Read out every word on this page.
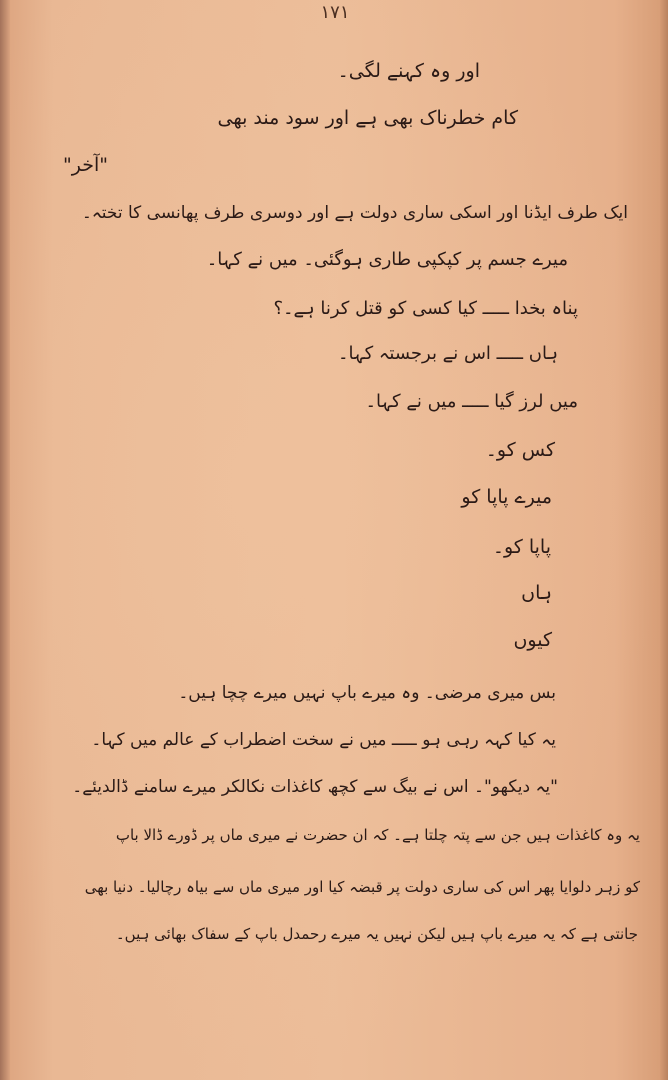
۱۷۱
اور وہ کہنے لگی۔
کام خطرناک بھی ہے اور سود مند بھی
"آخر"
ایک طرف ایڈنا اور اسکی ساری دولت ہے اور دوسری طرف پھانسی کا تختہ۔
میرے جسم پر کپکپی طاری ہوگئی۔ میں نے کہا۔
پناہ بخدا ـــــ کیا کسی کو قتل کرنا ہے۔؟
ہاں ـــــ اس نے برجستہ کہا۔
میں لرز گیا ـــــ میں نے کہا۔
کس کو۔
میرے پاپا کو
پاپا کو۔
ہاں
کیوں
بس میری مرضی۔ وہ میرے باپ نہیں میرے چچا ہیں۔
یہ کیا کہہ رہی ہو ـــــ میں نے سخت اضطراب کے عالم میں کہا۔
"یہ دیکھو"۔ اس نے بیگ سے کچھ کاغذات نکالکر میرے سامنے ڈالدیئے۔
یہ وہ کاغذات ہیں جن سے پتہ چلتا ہے۔ کہ ان حضرت نے میری ماں پر ڈورے ڈالا باپ
کو زہر دلوایا پھر اس کی ساری دولت پر قبضہ کیا اور میری ماں سے بیاہ رچالیا۔ دنیا بھی
جانتی ہے کہ یہ میرے باپ ہیں لیکن نہیں یہ میرے رحمدل باپ کے سفاک بھائی ہیں۔
